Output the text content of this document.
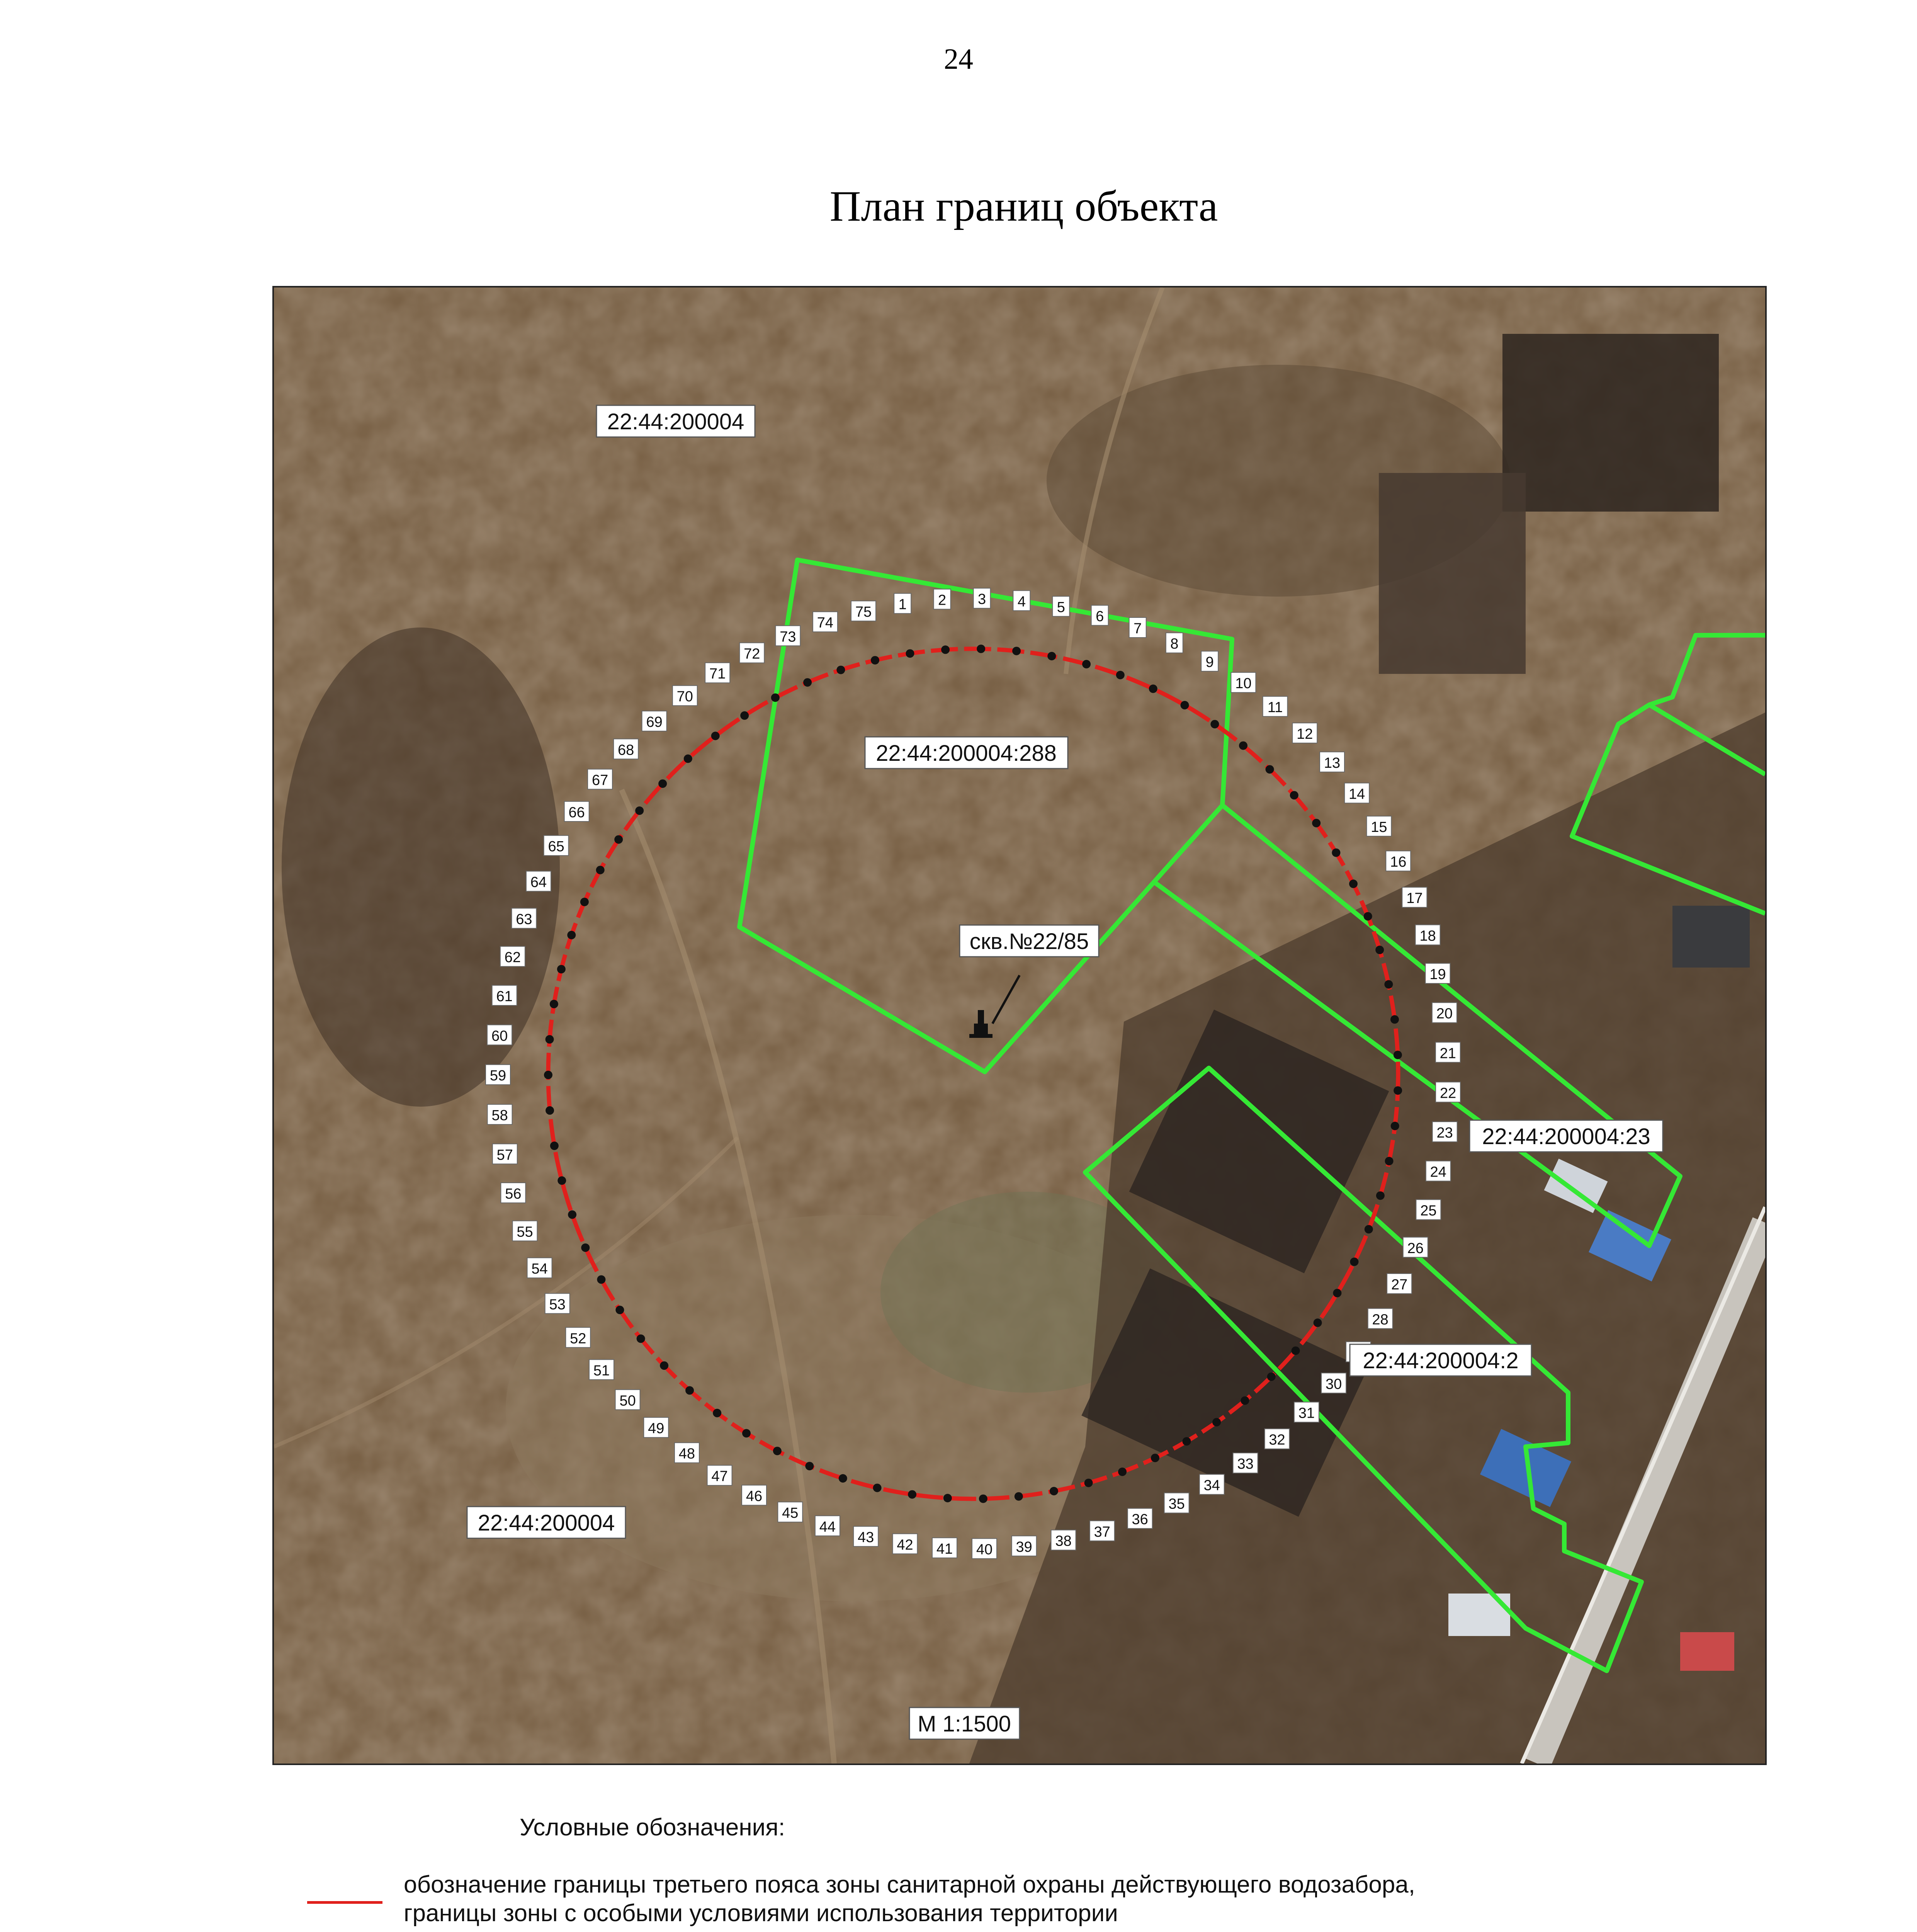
24
План границ объекта
1 2 3 4 5
6
7
8
9
10
11
12
13
14
15
16
17
18
19
20
21
22
23
24
25
26
27
28
30
31
32
33
34
35
36
37
38
39
40
41
42
43
44
45
46
47
48
49
50
51
52
53
54
55
56
57
58
59
60
61
62
63
64
65
66
67
68
69
70
71
72
73
74
75
скв.№22/85
22:44:200004
22:44:200004:288
22:44:200004:23
22:44:200004:2
22:44:200004
М 1:1500
Условные обозначения:
обозначение границы третьего пояса зоны санитарной охраны действующего водозабора,
границы зоны с особыми условиями использования территории
